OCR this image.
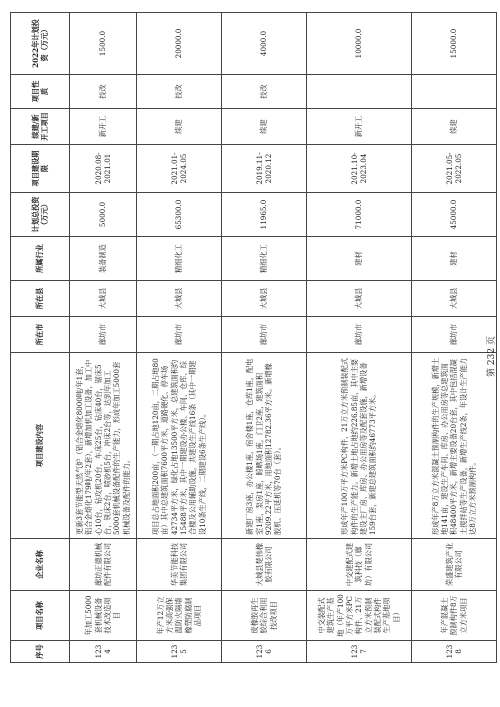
序号	项目名称	企业名称	项目建设内容	所在市	所在县	所属行业	计划总投资（万元）	项目建设期限	续建/新开工项目	项目性质	2022年计划投资（万元）
1234	年加工5000套机械设备技术改造项目	廊坊正德机械配件有限公司	更新3套节能型天然气炉（铝合金熔化8000吨/年1套，铝合金熔化179吨/年2套），新增加机加工设备，加工中心10台，钻攻机20台，车床25台，钻床40台，锯床5台，铣床2台，喷砂机5台，冲床2台等，达到年加工5000套机械设备配件的生产能力，形成年加工5000套机械设备及配件的能力。	廊坊市	大城县	装备制造	5000.0	2020.08-2021.01	新开工	技改	1500.0
1235	年产12万立方米高强保温防火隔墙橡塑防腐制品项目	华美节能科技集团有限公司	项目总占地面积200亩，（一期占地120亩，二期占地80亩）其中总建筑面积7600平方米，道路硬化、停车场42734平方米，绿化占地13500平方米，总建筑面积约15488平方米，其中一期建设办公楼、车间、仓库、综合楼及公用辅助设施，共建设生产线16条（其中一期建设10条生产线，二期建设6条生产线）。	廊坊市	大城县	精细化工	65300.0	2021.01-2024.05	续建	技改	20000.0
1236	废橡胶再生胶综合利用技改项目	大城县楚伟橡胶有限公司	新建厂房3座，办公楼1座，宿舍楼1座，仓库1座，配电室1座，泵房1座，晾晒场1座，门卫2座，建筑面积9209.22平方米，用地面积12782.36平方米。新增橡胶机、压延机等70台（套）。	廊坊市	大城县	精细化工	11965.0	2019.11-2020.12	续建	技改	4000.0
1237	中交装配式建筑生产基地（年产100万平方米PC构件、21万立方米预制装配式构件生产基地项目）	中交建配式建筑科技（廊坊）有限公司	形成年产100万平方米PC构件、21万立方米预制装配式构件的生产能力。新增土地占地约226.85亩，其中主要建设主厂房、库房、办公用房等及配套设施，新增设备159台套，新建总建筑面积约46773平方米。	廊坊市	大城县	建材	71000.0	2021.10-2023.04	新开工		10000.0
1238	年产混凝土预制构件8万立方米项目	荣盛建筑产业有限公司	形成年产8万立方米混凝土预制构件的生产规模，新增土地141亩，建设生产车间、库房、办公用房等总建筑面积48400平方米，新增主要设备20台套，其中包括混凝土搅拌站等生产设备，新增生产线2条，年设计生产能力达8万立方米预制构件。	廊坊市	大城县	建材	45000.0	2021.05-2022.05	续建		15000.0
第 232 页
